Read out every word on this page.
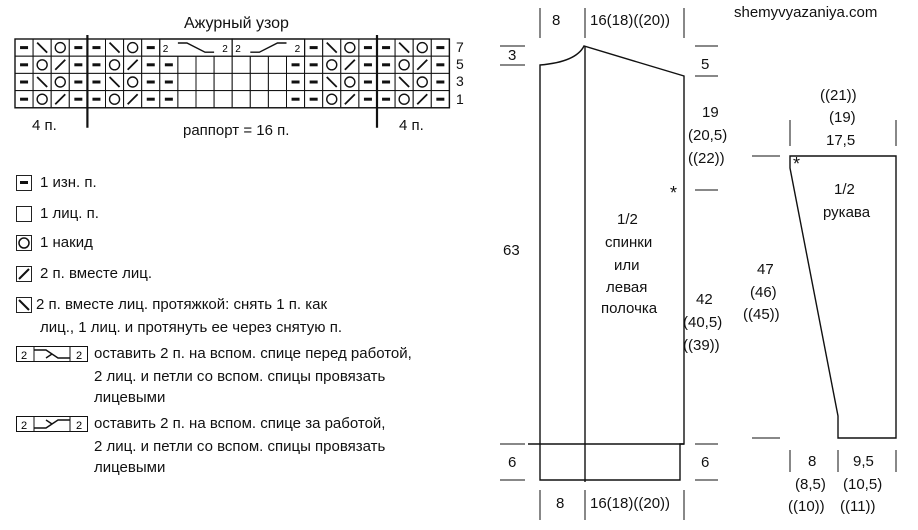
shemyvyazaniya.com
Ажурный узор
2	2 2	2	7
5
3
1
4 п.	раппорт = 16 п.	4 п.
1 изн. п.
1 лиц. п.
1 накид
2 п. вместе лиц.
2 п. вместе лиц. протяжкой: снять 1 п. как
лиц., 1 лиц. и протянуть ее через снятую п.
2	2 оставить 2 п. на вспом. спице перед работой,
2 лиц. и петли со вспом. спицы провязать
лицевыми
2	2 оставить 2 п. на вспом. спице за работой,
2 лиц. и петли со вспом. спицы провязать
лицевыми
8 16(18)((20))
3
5
19
(20,5)
((22))
*
63
1/2
спинки
или
левая
полочка
42
(40,5)
((39))
6	6
8 16(18)((20))
((21))
(19)
17,5
*
1/2
рукава
47
(46)
((45))
8
(8,5)
((10))
9,5
(10,5)
((11))
